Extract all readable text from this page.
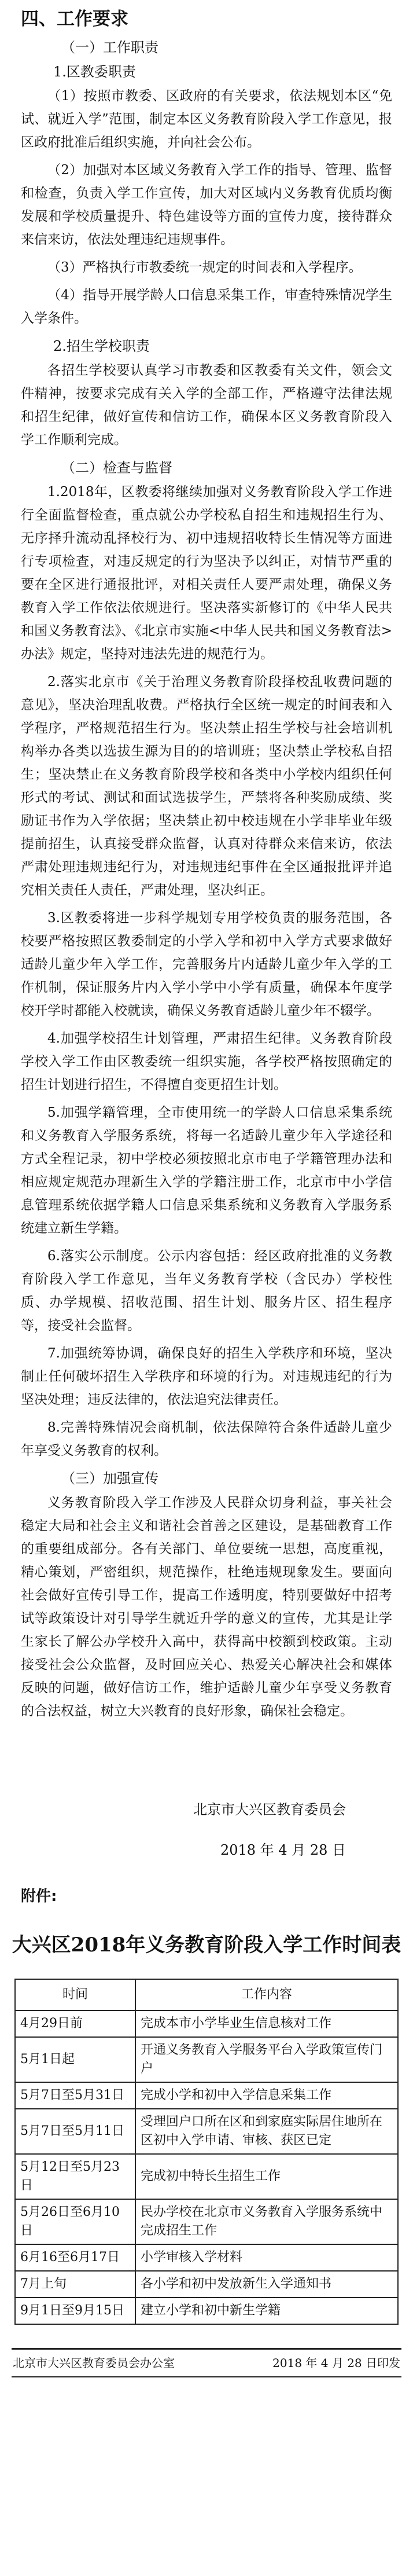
四、工作要求
（一）工作职责
1.区教委职责

（1）按照市教委、区政府的有关要求，依法规划本区“免试、就近入学”范围，制定本区义务教育阶段入学工作意见，报区政府批准后组织实施，并向社会公布。

（2）加强对本区域义务教育入学工作的指导、管理、监督和检查，负责入学工作宣传，加大对区域内义务教育优质均衡发展和学校质量提升、特色建设等方面的宣传力度，接待群众来信来访，依法处理违纪违规事件。

（3）严格执行市教委统一规定的时间表和入学程序。

（4）指导开展学龄人口信息采集工作，审查特殊情况学生入学条件。

2.招生学校职责

各招生学校要认真学习市教委和区教委有关文件，领会文件精神，按要求完成有关入学的全部工作，严格遵守法律法规和招生纪律，做好宣传和信访工作，确保本区义务教育阶段入学工作顺利完成。

（二）检查与监督

1.2018年，区教委将继续加强对义务教育阶段入学工作进行全面监督检查，重点就公办学校私自招生和违规招生行为、无序择升流动乱择校行为、初中违规招收特长生情况等方面进行专项检查，对违反规定的行为坚决予以纠正，对情节严重的要在全区进行通报批评，对相关责任人要严肃处理，确保义务教育入学工作依法依规进行。坚决落实新修订的《中华人民共和国义务教育法》、《北京市实施<中华人民共和国义务教育法>办法》规定，坚持对违法先进的规范行为。

2.落实北京市《关于治理义务教育阶段择校乱收费问题的意见》，坚决治理乱收费。严格执行全区统一规定的时间表和入学程序，严格规范招生行为。坚决禁止招生学校与社会培训机构举办各类以选拔生源为目的的培训班；坚决禁止学校私自招生；坚决禁止在义务教育阶段学校和各类中小学校内组织任何形式的考试、测试和面试选拔学生，严禁将各种奖励成绩、奖励证书作为入学依据；坚决禁止初中校违规在小学非毕业年级提前招生，认真接受群众监督，认真对待群众来信来访，依法严肃处理违规违纪行为，对违规违纪事件在全区通报批评并追究相关责任人责任，严肃处理，坚决纠正。

3.区教委将进一步科学规划专用学校负责的服务范围，各校要严格按照区教委制定的小学入学和初中入学方式要求做好适龄儿童少年入学工作，完善服务片内适龄儿童少年入学的工作机制，保证服务片内入学小学中小学有质量，确保本年度学校开学时都能入校就读，确保义务教育适龄儿童少年不辍学。

4.加强学校招生计划管理，严肃招生纪律。义务教育阶段学校入学工作由区教委统一组织实施，各学校严格按照确定的招生计划进行招生，不得擅自变更招生计划。

5.加强学籍管理，全市使用统一的学龄人口信息采集系统和义务教育入学服务系统，将每一名适龄儿童少年入学途径和方式全程记录，初中学校必须按照北京市电子学籍管理办法和相应规定规范办理新生入学的学籍注册工作，北京市中小学信息管理系统依据学籍人口信息采集系统和义务教育入学服务系统建立新生学籍。

6.落实公示制度。公示内容包括：经区政府批准的义务教育阶段入学工作意见，当年义务教育学校（含民办）学校性质、办学规模、招收范围、招生计划、服务片区、招生程序等，接受社会监督。

7.加强统筹协调，确保良好的招生入学秩序和环境，坚决制止任何破坏招生入学秩序和环境的行为。对违规违纪的行为坚决处理；违反法律的，依法追究法律责任。

8.完善特殊情况会商机制，依法保障符合条件适龄儿童少年享受义务教育的权利。

（三）加强宣传

义务教育阶段入学工作涉及人民群众切身利益，事关社会稳定大局和社会主义和谐社会首善之区建设，是基础教育工作的重要组成部分。各有关部门、单位要统一思想，高度重视，精心策划，严密组织，规范操作，杜绝违规现象发生。要面向社会做好宣传引导工作，提高工作透明度，特别要做好中招考试等政策设计对引导学生就近升学的意义的宣传，尤其是让学生家长了解公办学校升入高中，获得高中校额到校政策。主动接受社会公众监督，及时回应关心、热爱关心解决社会和媒体反映的问题，做好信访工作，维护适龄儿童少年享受义务教育的合法权益，树立大兴教育的良好形象，确保社会稳定。

北京市大兴区教育委员会
2018 年 4 月 28 日
附件:
大兴区2018年义务教育阶段入学工作时间表
时间	工作内容
4月29日前	完成本市小学毕业生信息核对工作
5月1日起	开通义务教育入学服务平台入学政策宣传门户
5月7日至5月31日	完成小学和初中入学信息采集工作
5月7日至5月11日	受理回户口所在区和到家庭实际居住地所在区初中入学申请、审核、获区已定
5月12日至5月23日	完成初中特长生招生工作
5月26日至6月10日	民办学校在北京市义务教育入学服务系统中完成招生工作
6月16至6月17日	小学审核入学材料
7月上旬	各小学和初中发放新生入学通知书
9月1日至9月15日	建立小学和初中新生学籍
北京市大兴区教育委员会办公室	2018 年 4 月 28 日印发
